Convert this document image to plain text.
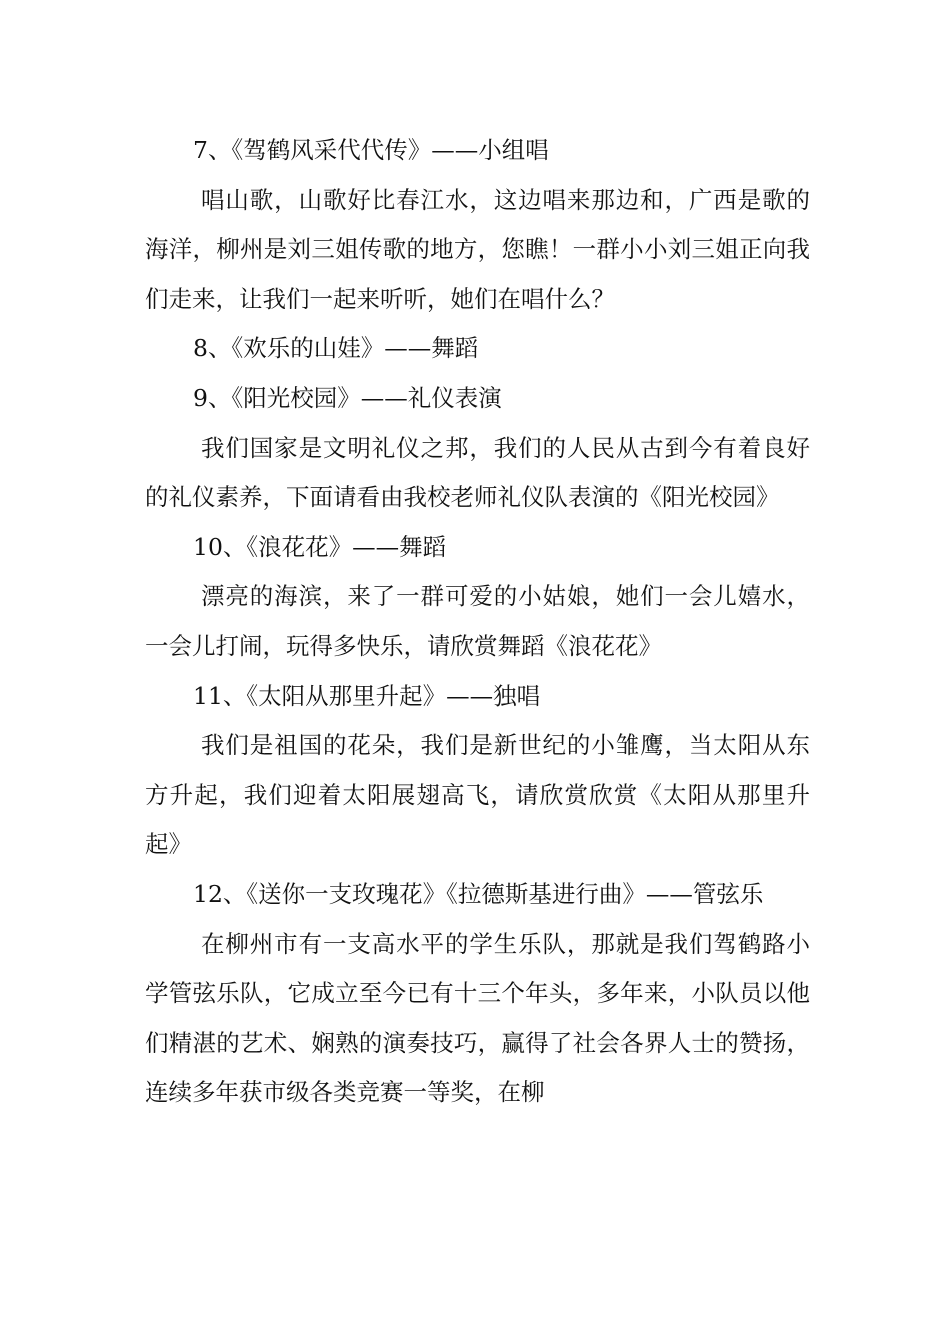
7、《驾鹤风采代代传》——小组唱

唱山歌，山歌好比春江水，这边唱来那边和，广西是歌的海洋，柳州是刘三姐传歌的地方，您瞧！一群小小刘三姐正向我们走来，让我们一起来听听，她们在唱什么？

8、《欢乐的山娃》——舞蹈

9、《阳光校园》——礼仪表演

我们国家是文明礼仪之邦，我们的人民从古到今有着良好的礼仪素养，下面请看由我校老师礼仪队表演的《阳光校园》

10、《浪花花》——舞蹈

漂亮的海滨，来了一群可爱的小姑娘，她们一会儿嬉水，一会儿打闹，玩得多快乐，请欣赏舞蹈《浪花花》

11、《太阳从那里升起》——独唱

我们是祖国的花朵，我们是新世纪的小雏鹰，当太阳从东方升起，我们迎着太阳展翅高飞，请欣赏欣赏《太阳从那里升起》

12、《送你一支玫瑰花》《拉德斯基进行曲》——管弦乐

在柳州市有一支高水平的学生乐队，那就是我们驾鹤路小学管弦乐队，它成立至今已有十三个年头，多年来，小队员以他们精湛的艺术、娴熟的演奏技巧，赢得了社会各界人士的赞扬，连续多年获市级各类竞赛一等奖，在柳
